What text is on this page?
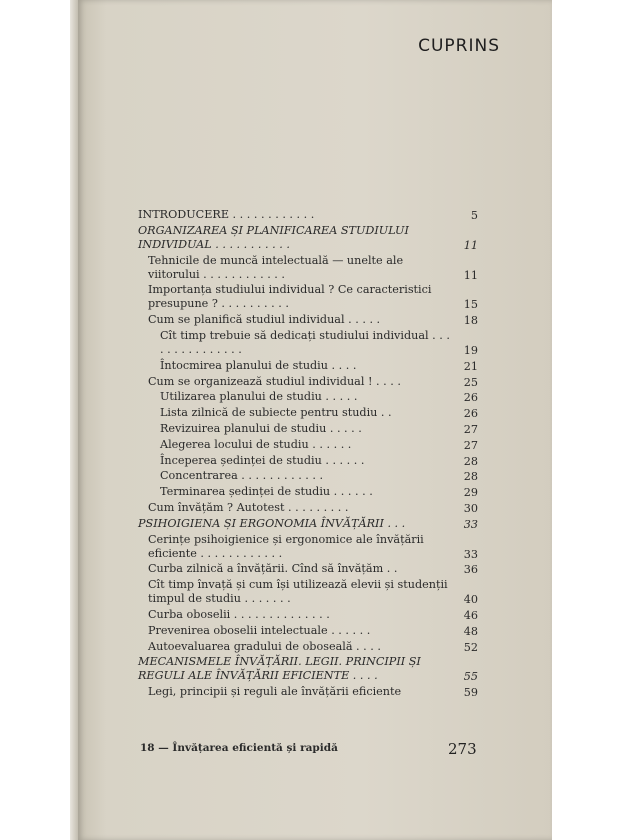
CUPRINS
INTRODUCERE . . . . . . . . . . . .	5
ORGANIZAREA ȘI PLANIFICAREA STUDIULUI INDIVIDUAL . . . . . . . . . . .	11
Tehnicile de muncă intelectuală — unelte ale viitorului . . . . . . . . . . . .	11
Importanța studiului individual ? Ce caracteristici presupune ? . . . . . . . . . .	15
Cum se planifică studiul individual . . . . .	18
Cît timp trebuie să dedicați studiului individual . . . . . . . . . . . . . . .	19
Întocmirea planului de studiu . . . .	21
Cum se organizează studiul individual ! . . . .	25
Utilizarea planului de studiu . . . . .	26
Lista zilnică de subiecte pentru studiu . .	26
Revizuirea planului de studiu . . . . .	27
Alegerea locului de studiu . . . . . .	27
Începerea ședinței de studiu . . . . . .	28
Concentrarea . . . . . . . . . . . .	28
Terminarea ședinței de studiu . . . . . .	29
Cum învățăm ? Autotest . . . . . . . . .	30
PSIHOIGIENA ȘI ERGONOMIA ÎNVĂȚĂRII . . .	33
Cerințe psihoigienice și ergonomice ale învățării eficiente . . . . . . . . . . . .	33
Curba zilnică a învățării. Cînd să învățăm . .	36
Cît timp învață și cum își utilizează elevii și studenții timpul de studiu . . . . . . .	40
Curba oboselii . . . . . . . . . . . . . .	46
Prevenirea oboselii intelectuale . . . . . .	48
Autoevaluarea gradului de oboseală . . . .	52
MECANISMELE ÎNVĂȚĂRII. LEGII. PRINCIPII ȘI REGULI ALE ÎNVĂȚĂRII EFICIENTE . . . .	55
Legi, principii și reguli ale învățării eficiente	59
18 — Învățarea eficientă și rapidă	273
